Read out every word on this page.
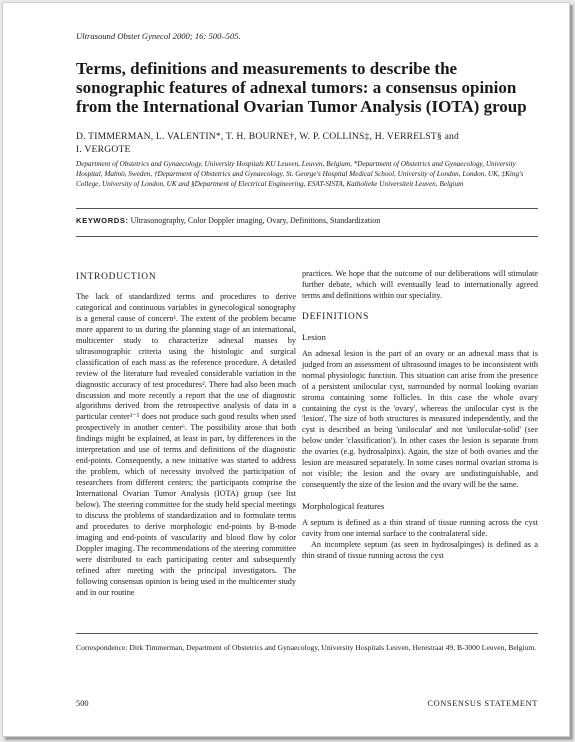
Ultrasound Obstet Gynecol 2000; 16: 500–505.
Terms, definitions and measurements to describe the sonographic features of adnexal tumors: a consensus opinion from the International Ovarian Tumor Analysis (IOTA) group
D. TIMMERMAN, L. VALENTIN*, T. H. BOURNE†, W. P. COLLINS‡, H. VERRELST§ and
I. VERGOTE
Department of Obstetrics and Gynaecology, University Hospitals KU Leuven, Leuven, Belgium, *Department of Obstetrics and Gynaecology, University Hospital, Malmö, Sweden, †Department of Obstetrics and Gynaecology, St. George's Hospital Medical School, University of London, London, UK, ‡King's College, University of London, UK and §Department of Electrical Engineering, ESAT-SISTA, Katholieke Universiteit Leuven, Belgium
KEYWORDS: Ultrasonography, Color Doppler imaging, Ovary, Definitions, Standardization

INTRODUCTION

The lack of standardized terms and procedures to derive categorical and continuous variables in gynecological sonography is a general cause of concern¹. The extent of the problem became more apparent to us during the planning stage of an international, multicenter study to characterize adnexal masses by ultrasonographic criteria using the histologic and surgical classification of each mass as the reference procedure. A detailed review of the literature had revealed considerable variation in the diagnostic accuracy of test procedures². There had also been much discussion and more recently a report that the use of diagnostic algorithms derived from the retrospective analysis of data in a particular center³⁻⁵ does not produce such good results when used prospectively in another center⁶. The possibility arose that both findings might be explained, at least in part, by differences in the interpretation and use of terms and definitions of the diagnostic end-points. Consequently, a new initiative was started to address the problem, which of necessity involved the participation of researchers from different centers; the participants comprise the International Ovarian Tumor Analysis (IOTA) group (see list below). The steering committee for the study held special meetings to discuss the problems of standardization and to formulate terms and procedures to derive morphologic end-points by B-mode imaging and end-points of vascularity and blood flow by color Doppler imaging. The recommendations of the steering committee were distributed to each participating center and subsequently refined after meeting with the principal investigators. The following consensus opinion is being used in the multicenter study and in our routine

practices. We hope that the outcome of our deliberations will stimulate further debate, which will eventually lead to internationally agreed terms and definitions within our speciality.

DEFINITIONS

Lesion

An adnexal lesion is the part of an ovary or an adnexal mass that is judged from an assessment of ultrasound images to be inconsistent with normal physiologic function. This situation can arise from the presence of a persistent unilocular cyst, surrounded by normal looking ovarian stroma containing some follicles. In this case the whole ovary containing the cyst is the 'ovary', whereas the unilocular cyst is the 'lesion'. The size of both structures is measured independently, and the cyst is described as being 'unilocular' and not 'unilocular-solid' (see below under 'classification'). In other cases the lesion is separate from the ovaries (e.g. hydrosalpinx). Again, the size of both ovaries and the lesion are measured separately. In some cases normal ovarian stroma is not visible; the lesion and the ovary are undistinguishable, and consequently the size of the lesion and the ovary will be the same.

Morphological features

A septum is defined as a thin strand of tissue running across the cyst cavity from one internal surface to the contralateral side.

An incomplete septum (as seen in hydrosalpinges) is defined as a thin strand of tissue running across the cyst

Correspondence: Dirk Timmerman, Department of Obstetrics and Gynaecology, University Hospitals Leuven, Herestraat 49, B-3000 Leuven, Belgium.
500	CONSENSUS STATEMENT
